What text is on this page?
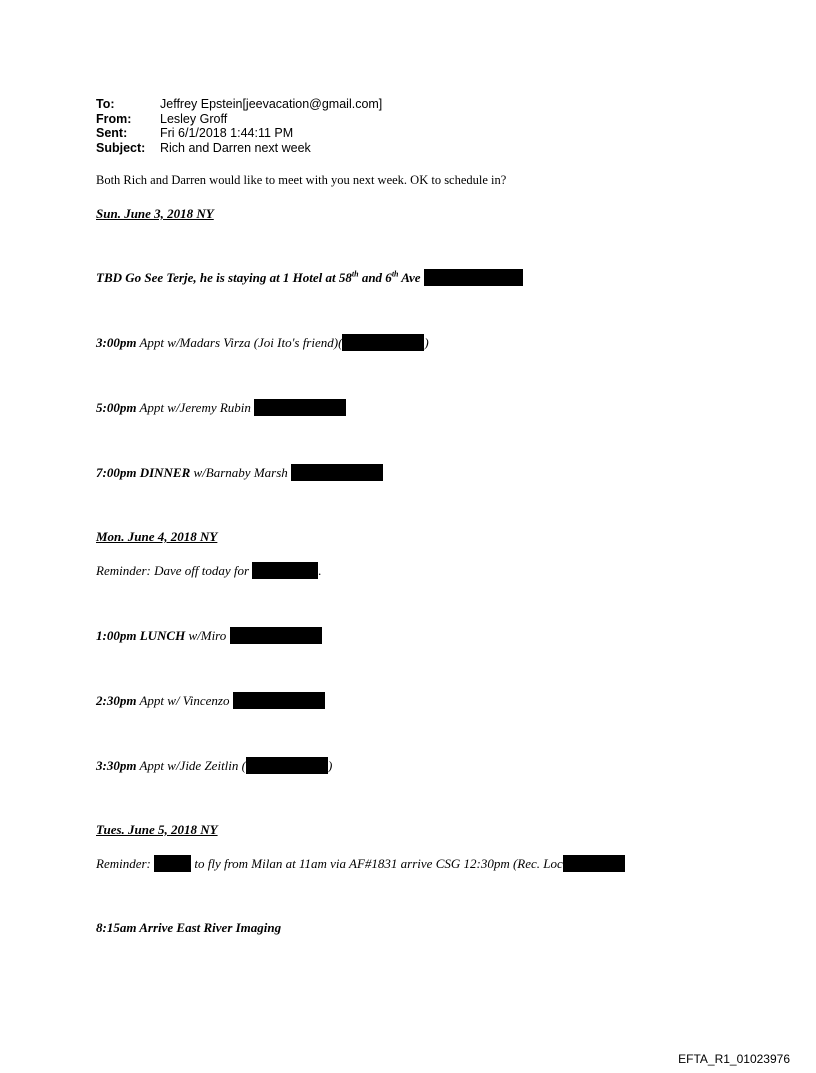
To:	Jeffrey Epstein[jeevacation@gmail.com]
From:	Lesley Groff
Sent:	Fri 6/1/2018 1:44:11 PM
Subject:	Rich and Darren next week
Both Rich and Darren would like to meet with you next week. OK to schedule in?
Sun. June 3, 2018 NY
TBD Go See Terje, he is staying at 1 Hotel at 58th and 6th Ave
3:00pm Appt w/Madars Virza (Joi Ito's friend)(	)
5:00pm Appt w/Jeremy Rubin
7:00pm DINNER w/Barnaby Marsh
Mon. June 4, 2018 NY
Reminder: Dave off today for	.
1:00pm LUNCH w/Miro
2:30pm Appt w/ Vincenzo
3:30pm Appt w/Jide Zeitlin (	)
Tues. June 5, 2018 NY
Reminder:	to fly from Milan at 11am via AF#1831 arrive CSG 12:30pm (Rec. Loc
8:15am Arrive East River Imaging
EFTA_R1_01023976
